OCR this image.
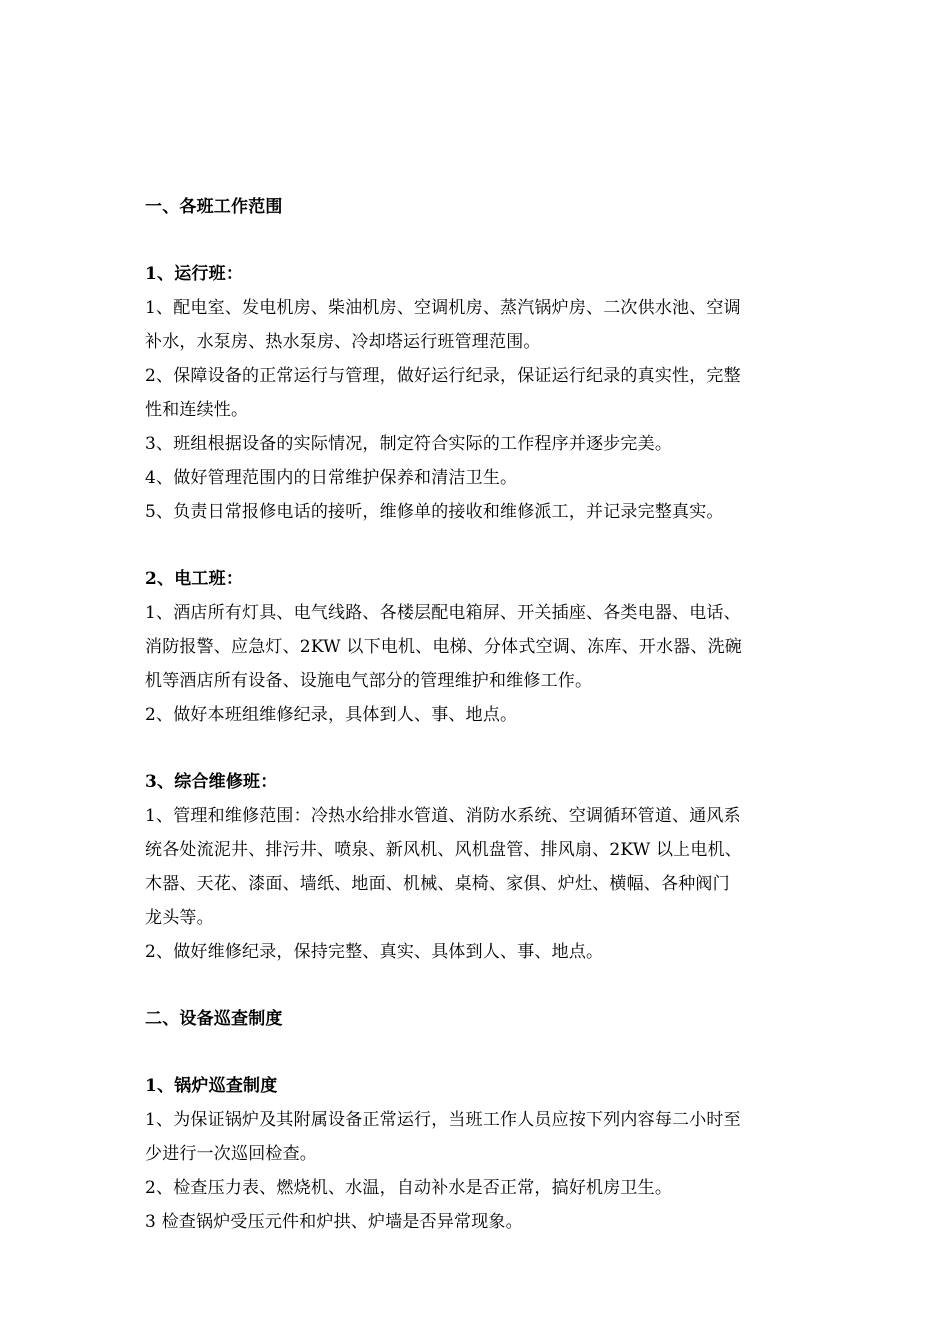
一、各班工作范围
1、运行班：
1、配电室、发电机房、柴油机房、空调机房、蒸汽锅炉房、二次供水池、空调
补水，水泵房、热水泵房、冷却塔运行班管理范围。
2、保障设备的正常运行与管理，做好运行纪录，保证运行纪录的真实性，完整
性和连续性。
3、班组根据设备的实际情况，制定符合实际的工作程序并逐步完美。
4、做好管理范围内的日常维护保养和清洁卫生。
5、负责日常报修电话的接听，维修单的接收和维修派工，并记录完整真实。
2、电工班：
1、酒店所有灯具、电气线路、各楼层配电箱屏、开关插座、各类电器、电话、
消防报警、应急灯、2KW 以下电机、电梯、分体式空调、冻库、开水器、洗碗
机等酒店所有设备、设施电气部分的管理维护和维修工作。
2、做好本班组维修纪录，具体到人、事、地点。
3、综合维修班：
1、管理和维修范围：冷热水给排水管道、消防水系统、空调循环管道、通风系
统各处流泥井、排污井、喷泉、新风机、风机盘管、排风扇、2KW 以上电机、
木器、天花、漆面、墙纸、地面、机械、桌椅、家俱、炉灶、横幅、各种阀门
龙头等。
2、做好维修纪录，保持完整、真实、具体到人、事、地点。
二、设备巡查制度
1、锅炉巡查制度
1、为保证锅炉及其附属设备正常运行，当班工作人员应按下列内容每二小时至
少进行一次巡回检查。
2、检查压力表、燃烧机、水温，自动补水是否正常，搞好机房卫生。
3 检查锅炉受压元件和炉拱、炉墙是否异常现象。
